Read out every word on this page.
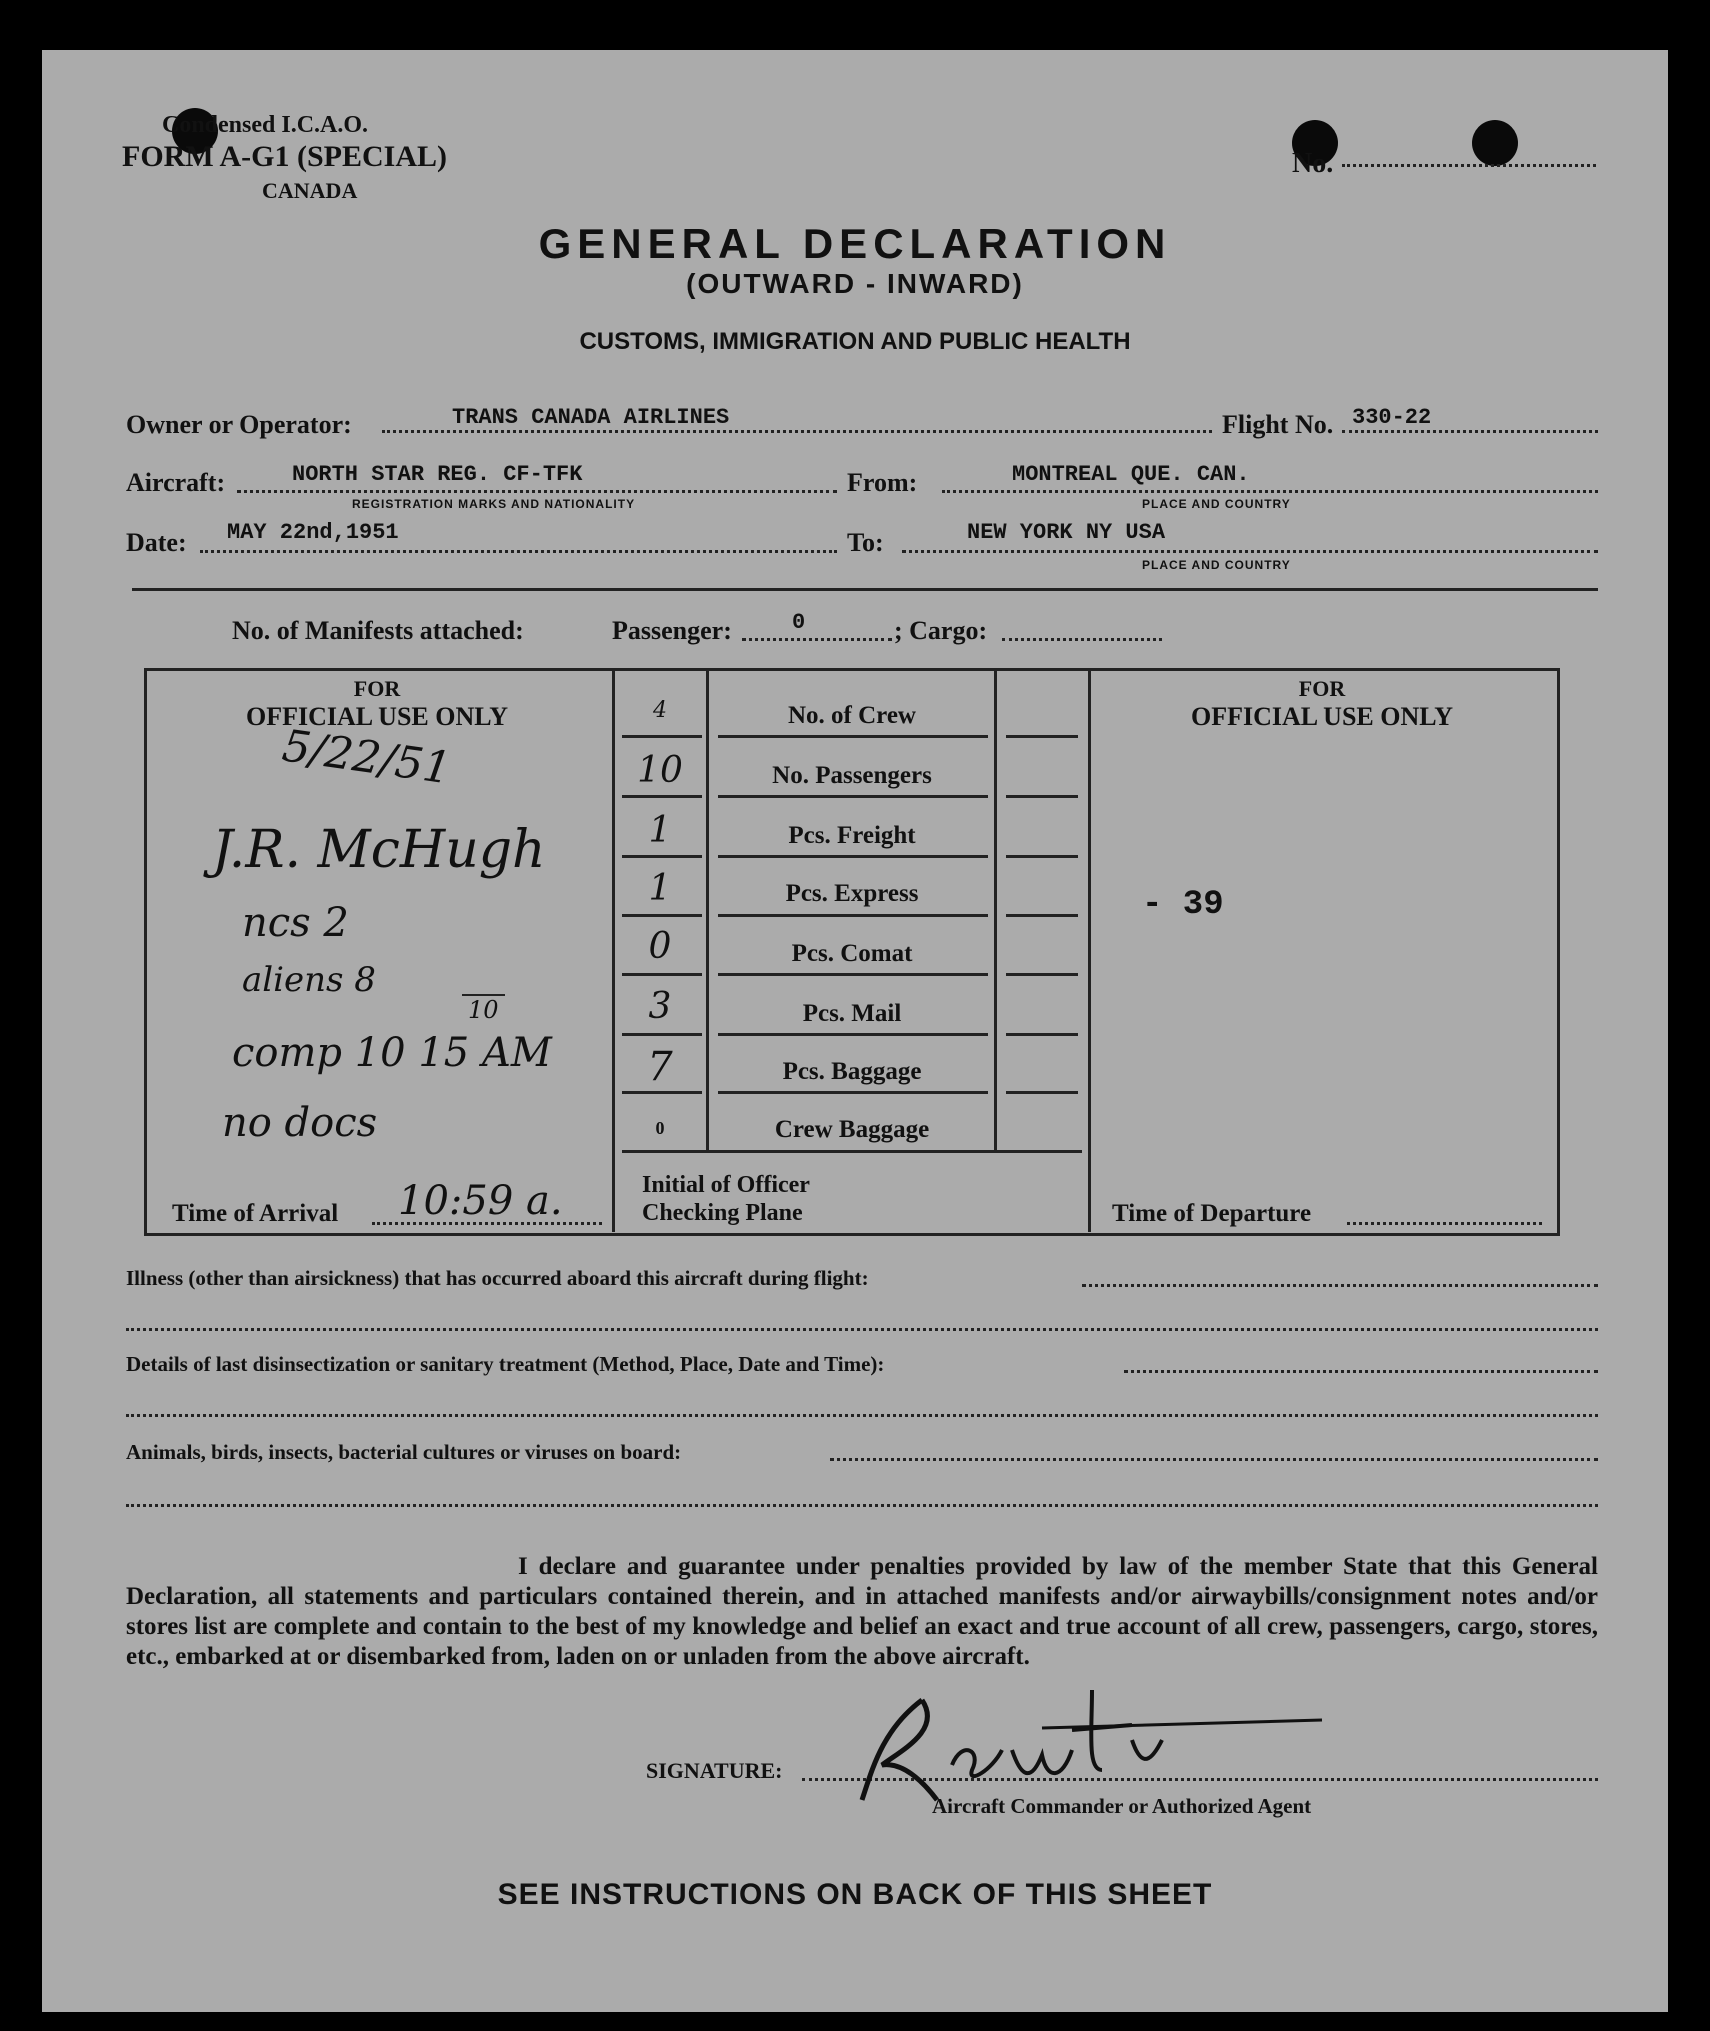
Condensed I.C.A.O.
FORM A-G1 (SPECIAL)
CANADA
No.
GENERAL DECLARATION
(OUTWARD - INWARD)
CUSTOMS, IMMIGRATION AND PUBLIC HEALTH
Owner or Operator:	TRANS CANADA AIRLINES	Flight No. 330-22
Aircraft:	NORTH STAR REG. CF-TFK
REGISTRATION MARKS AND NATIONALITY
From:	MONTREAL QUE. CAN.
PLACE AND COUNTRY
Date: MAY 22nd,1951	To:	NEW YORK NY USA
PLACE AND COUNTRY
No. of Manifests attached:	Passenger:	0	; Cargo:
FOR
OFFICIAL USE ONLY
FOR
OFFICIAL USE ONLY
4	No. of Crew
10	No. Passengers
1	Pcs. Freight
1	Pcs. Express
0	Pcs. Comat
3	Pcs. Mail
7	Pcs. Baggage
0	Crew Baggage
5/22/51
J.R. McHugh
ncs 2
aliens 8
10
comp 10 15 AM
no docs
- 39
Time of Arrival 10:59 a.	Initial of Officer
Checking Plane	Time of Departure
Illness (other than airsickness) that has occurred aboard this aircraft during flight:
Details of last disinsectization or sanitary treatment (Method, Place, Date and Time):
Animals, birds, insects, bacterial cultures or viruses on board:
I declare and guarantee under penalties provided by law of the member State that this General Declaration, all statements and particulars contained therein, and in attached manifests and/or airwaybills/consignment notes and/or stores list are complete and contain to the best of my knowledge and belief an exact and true account of all crew, passengers, cargo, stores, etc., embarked at or disembarked from, laden on or unladen from the above aircraft.
SIGNATURE:
Aircraft Commander or Authorized Agent
SEE INSTRUCTIONS ON BACK OF THIS SHEET
